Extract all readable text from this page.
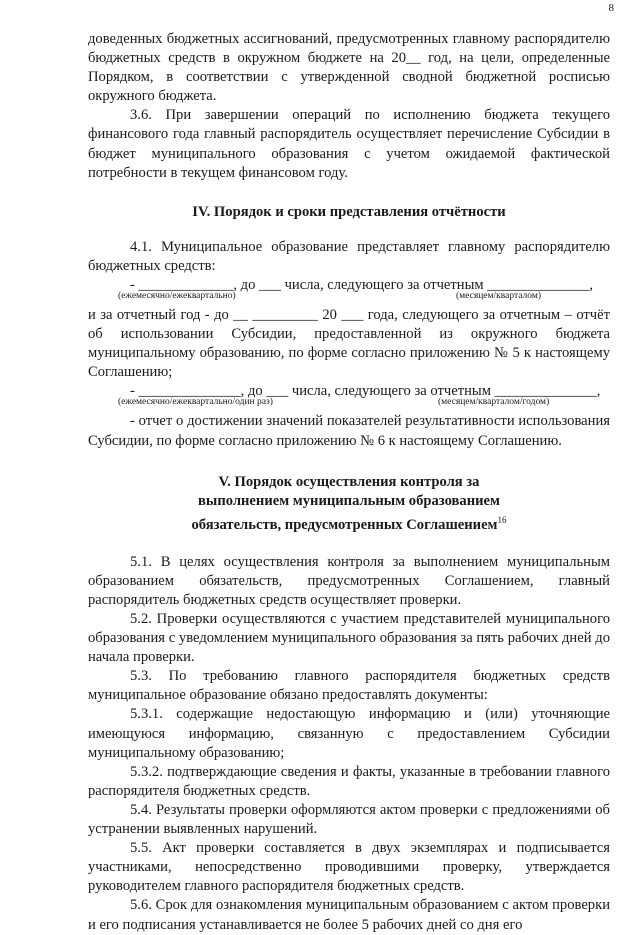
8

доведенных бюджетных ассигнований, предусмотренных главному распорядителю бюджетных средств в окружном бюджете на 20__ год, на цели, определенные Порядком, в соответствии с утвержденной сводной бюджетной росписью окружного бюджета.

3.6. При завершении операций по исполнению бюджета текущего финансового года главный распорядитель осуществляет перечисление Субсидии в бюджет муниципального образования с учетом ожидаемой фактической потребности в текущем финансовом году.

IV. Порядок и сроки представления отчётности

4.1. Муниципальное образование представляет главному распорядителю бюджетных средств:

- _____________, до ___ числа, следующего за отчетным ______________,
(ежемесячно/ежеквартально)	(месяцем/кварталом)

и за отчетный год - до __ _________ 20 ___ года, следующего за отчетным – отчёт об использовании Субсидии, предоставленной из окружного бюджета муниципальному образованию, по форме согласно приложению № 5 к настоящему Соглашению;

- ______________, до ___ числа, следующего за отчетным ______________,
(ежемесячно/ежеквартально/один раз)	(месяцем/кварталом/годом)

- отчет о достижении значений показателей результативности использования Субсидии, по форме согласно приложению № 6 к настоящему Соглашению.

V. Порядок осуществления контроля за
выполнением муниципальным образованием
обязательств, предусмотренных Соглашением$^{16}$

5.1. В целях осуществления контроля за выполнением муниципальным образованием обязательств, предусмотренных Соглашением, главный распорядитель бюджетных средств осуществляет проверки.

5.2. Проверки осуществляются с участием представителей муниципального образования с уведомлением муниципального образования за пять рабочих дней до начала проверки.

5.3. По требованию главного распорядителя бюджетных средств муниципальное образование обязано предоставлять документы:

5.3.1. содержащие недостающую информацию и (или) уточняющие имеющуюся информацию, связанную с предоставлением Субсидии муниципальному образованию;

5.3.2. подтверждающие сведения и факты, указанные в требовании главного распорядителя бюджетных средств.

5.4. Результаты проверки оформляются актом проверки с предложениями об устранении выявленных нарушений.

5.5. Акт проверки составляется в двух экземплярах и подписывается участниками, непосредственно проводившими проверку, утверждается руководителем главного распорядителя бюджетных средств.

5.6. Срок для ознакомления муниципальным образованием с актом проверки и его подписания устанавливается не более 5 рабочих дней со дня его
